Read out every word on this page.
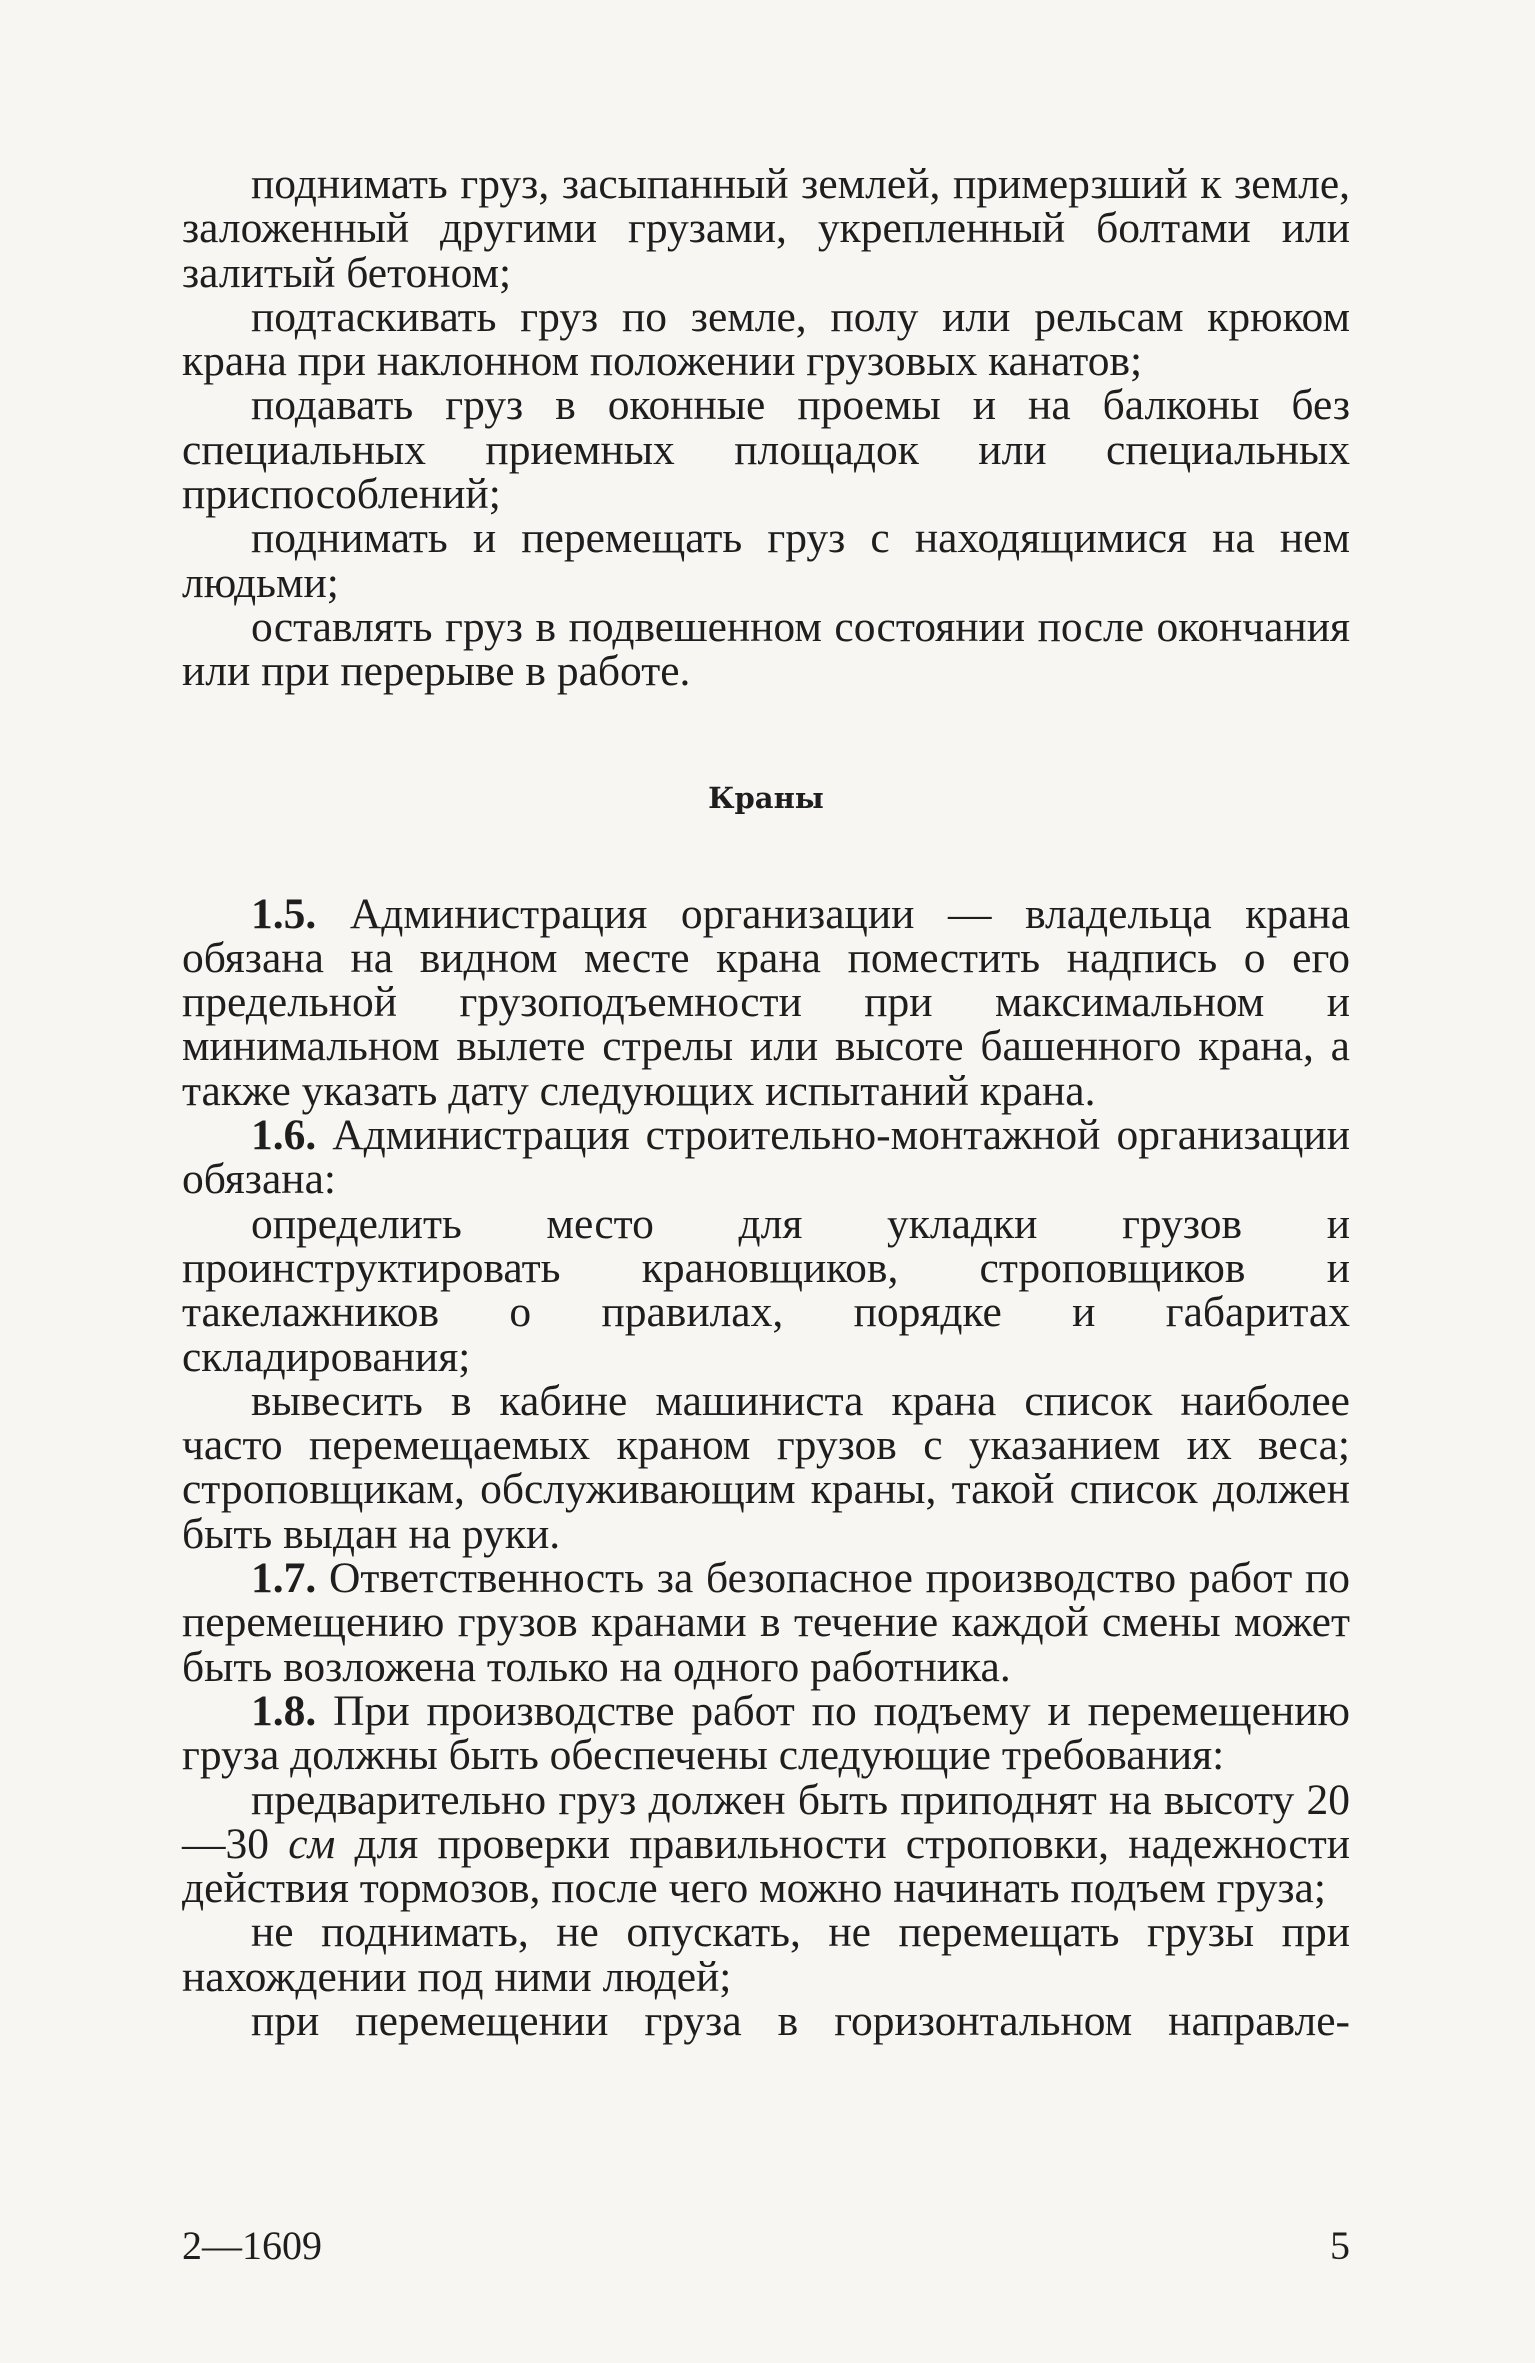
поднимать груз, засыпанный землей, примерзший к земле, заложенный другими грузами, укрепленный болтами или залитый бетоном;
подтаскивать груз по земле, полу или рельсам крюком крана при наклонном положении грузовых канатов;
подавать груз в оконные проемы и на балконы без специальных приемных площадок или специальных приспособлений;
поднимать и перемещать груз с находящимися на нем людьми;
оставлять груз в подвешенном состоянии после окончания или при перерыве в работе.
Краны
1.5. Администрация организации — владельца крана обязана на видном месте крана поместить надпись о его предельной грузоподъемности при максимальном и минимальном вылете стрелы или высоте башенного крана, а также указать дату следующих испытаний крана.
1.6. Администрация строительно-монтажной организации обязана:
определить место для укладки грузов и проинструктировать крановщиков, строповщиков и такелажников о правилах, порядке и габаритах складирования;
вывесить в кабине машиниста крана список наиболее часто перемещаемых краном грузов с указанием их веса; строповщикам, обслуживающим краны, такой список должен быть выдан на руки.
1.7. Ответственность за безопасное производство работ по перемещению грузов кранами в течение каждой смены может быть возложена только на одного работника.
1.8. При производстве работ по подъему и перемещению груза должны быть обеспечены следующие требования:
предварительно груз должен быть приподнят на высоту 20—30 см для проверки правильности строповки, надежности действия тормозов, после чего можно начинать подъем груза;
не поднимать, не опускать, не перемещать грузы при нахождении под ними людей;
при перемещении груза в горизонтальном направле-
2—1609	5
